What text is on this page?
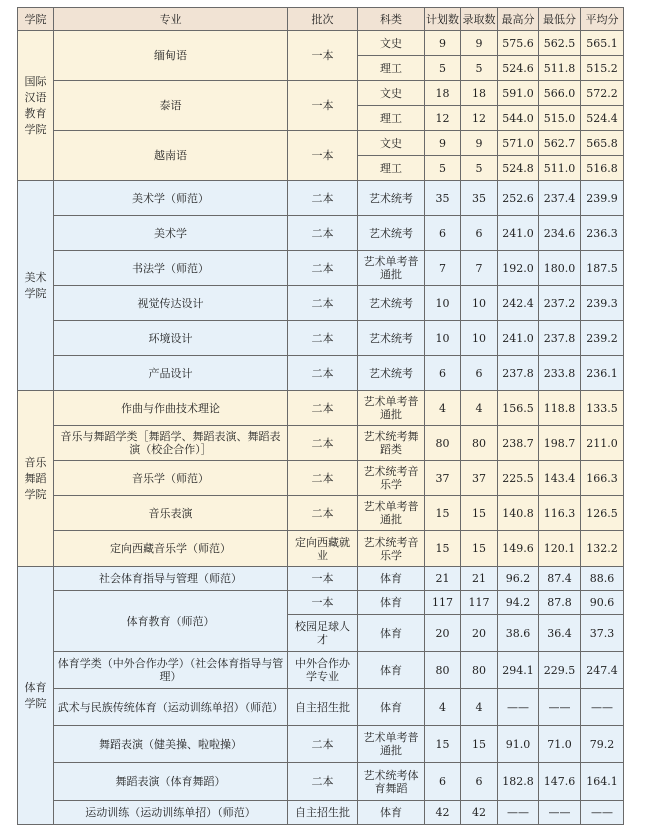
学院	专业	批次	科类	计划数	录取数	最高分	最低分	平均分
国际汉语教育学院	缅甸语	一本	文史	9	9	575.6	562.5	565.1
			理工	5	5	524.6	511.8	515.2
	泰语	一本	文史	18	18	591.0	566.0	572.2
			理工	12	12	544.0	515.0	524.4
	越南语	一本	文史	9	9	571.0	562.7	565.8
			理工	5	5	524.8	511.0	516.8
美术学院	美术学（师范）	二本	艺术统考	35	35	252.6	237.4	239.9
	美术学	二本	艺术统考	6	6	241.0	234.6	236.3
	书法学（师范）	二本	艺术单考普通批	7	7	192.0	180.0	187.5
	视觉传达设计	二本	艺术统考	10	10	242.4	237.2	239.3
	环境设计	二本	艺术统考	10	10	241.0	237.8	239.2
	产品设计	二本	艺术统考	6	6	237.8	233.8	236.1
音乐舞蹈学院	作曲与作曲技术理论	二本	艺术单考普通批	4	4	156.5	118.8	133.5
	音乐与舞蹈学类［舞蹈学、舞蹈表演、舞蹈表演（校企合作）］	二本	艺术统考舞蹈类	80	80	238.7	198.7	211.0
	音乐学（师范）	二本	艺术统考音乐学	37	37	225.5	143.4	166.3
	音乐表演	二本	艺术单考普通批	15	15	140.8	116.3	126.5
	定向西藏音乐学（师范）	定向西藏就业	艺术统考音乐学	15	15	149.6	120.1	132.2
体育学院	社会体育指导与管理（师范）	一本	体育	21	21	96.2	87.4	88.6
	体育教育（师范）	一本	体育	117	117	94.2	87.8	90.6
		校园足球人才	体育	20	20	38.6	36.4	37.3
	体育学类（中外合作办学）（社会体育指导与管理）	中外合作办学专业	体育	80	80	294.1	229.5	247.4
	武术与民族传统体育（运动训练单招）（师范）	自主招生批	体育	4	4	——	——	——
	舞蹈表演（健美操、啦啦操）	二本	艺术单考普通批	15	15	91.0	71.0	79.2
	舞蹈表演（体育舞蹈）	二本	艺术统考体育舞蹈	6	6	182.8	147.6	164.1
	运动训练（运动训练单招）（师范）	自主招生批	体育	42	42	——	——	——
